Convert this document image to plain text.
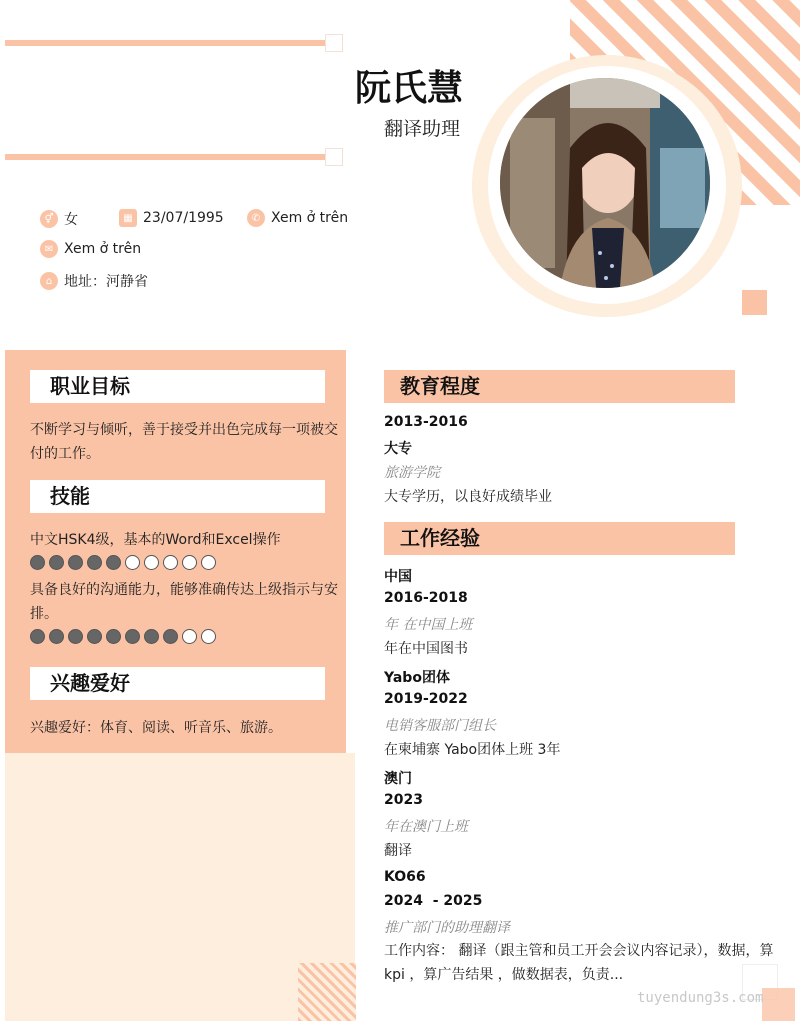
阮氏慧
翻译助理
⚥ 女	▦ 23/07/1995	✆ Xem ở trên
✉ Xem ở trên
⌂ 地址：河静省
职业目标
不断学习与倾听，善于接受并出色完成每一项被交付的工作。
技能
中文HSK4级，基本的Word和Excel操作
具备良好的沟通能力，能够准确传达上级指示与安排。
兴趣爱好
兴趣爱好：体育、阅读、听音乐、旅游。
教育程度
2013-2016
大专
旅游学院
大专学历，以良好成绩毕业
工作经验
中国
2016-2018
年 在中国上班
年在中国图书
Yabo团体
2019-2022
电销客服部门组长
在柬埔寨 Yabo团体上班 3年
澳门
2023
年在澳门上班
翻译
KO66
2024  - 2025
推广部门的助理翻译
工作内容： 翻译（跟主管和员工开会会议内容记录），数据，算kpi ，算广告结果 ，做数据表，负责...
tuyendung3s.com
